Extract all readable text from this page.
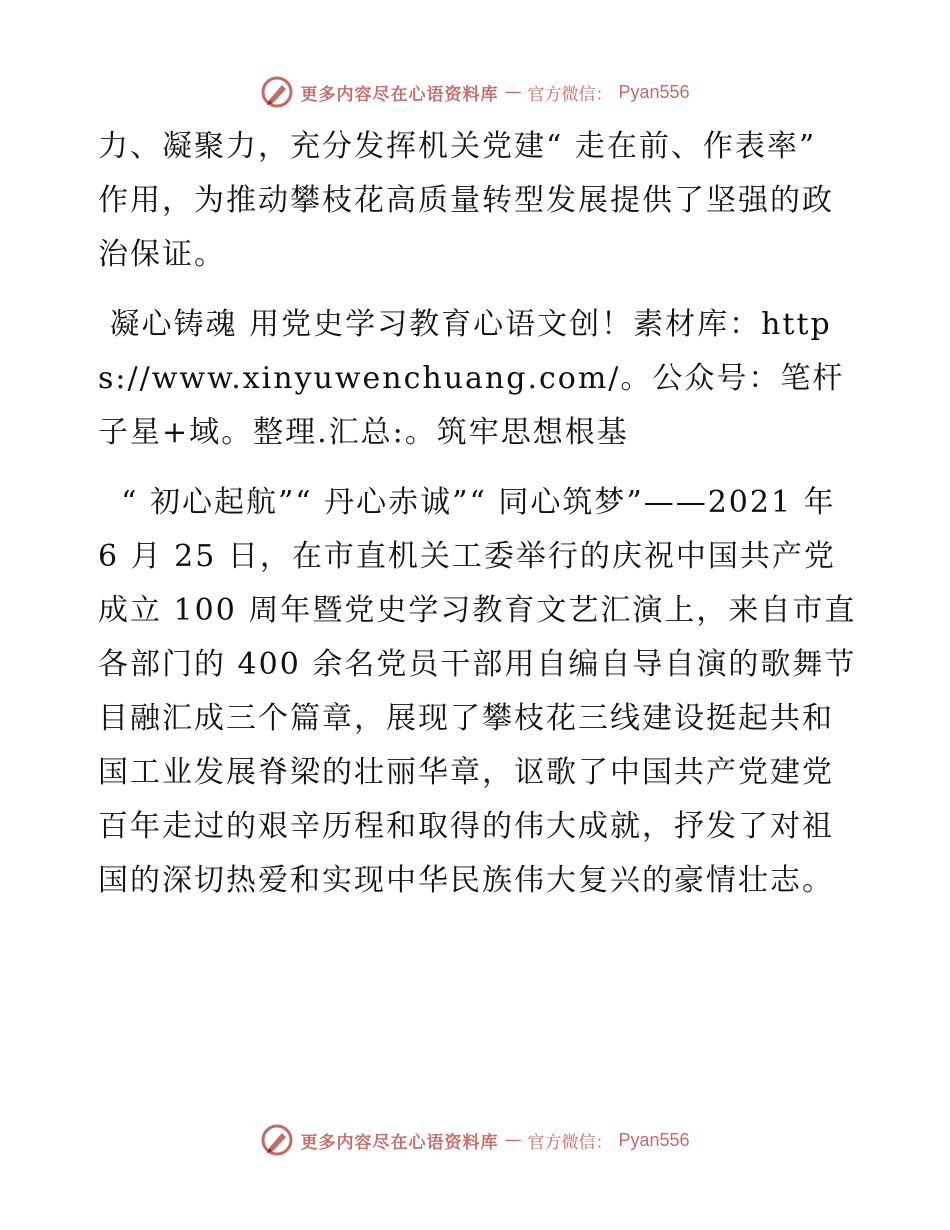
更多内容尽在心语资料库 — 官方微信： Pyan556

力、凝聚力，充分发挥机关党建“ 走在前、作表率” 作用，为推动攀枝花高质量转型发展提供了坚强的政治保证。

凝心铸魂 用党史学习教育心语文创！素材库：https://www.xinyuwenchuang.com/。公众号：笔杆子星+域。整理.汇总:。筑牢思想根基

“ 初心起航”“ 丹心赤诚”“ 同心筑梦”——2021 年 6 月 25 日，在市直机关工委举行的庆祝中国共产党成立 100 周年暨党史学习教育文艺汇演上，来自市直各部门的 400 余名党员干部用自编自导自演的歌舞节目融汇成三个篇章，展现了攀枝花三线建设挺起共和国工业发展脊梁的壮丽华章，讴歌了中国共产党建党百年走过的艰辛历程和取得的伟大成就，抒发了对祖国的深切热爱和实现中华民族伟大复兴的豪情壮志。

更多内容尽在心语资料库 — 官方微信： Pyan556
